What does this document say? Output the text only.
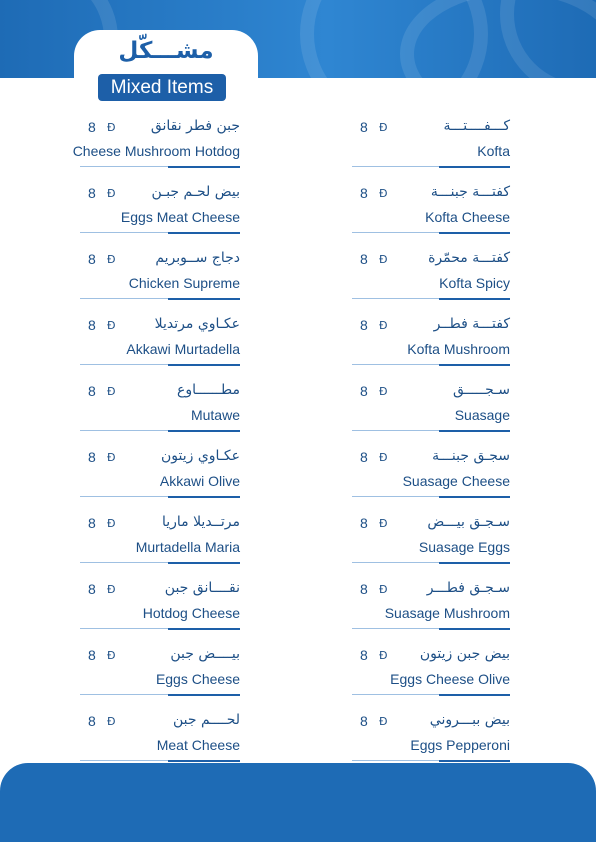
مشـــكّل
Mixed Items
8 Đ	جبن فطر نقانق
Cheese Mushroom Hotdog
8 Đ	بيض لحـم جبـن
Eggs Meat Cheese
8 Đ	دجاج ســوبريم
Chicken Supreme
8 Đ	عكـاوي مرتديلا
Akkawi Murtadella
8 Đ	مطــــــاوع
Mutawe
8 Đ	عكـاوي زيتون
Akkawi Olive
8 Đ	مرتــديلا ماريا
Murtadella Maria
8 Đ	نقــــانق جبن
Hotdog Cheese
8 Đ	بيــــض جبن
Eggs Cheese
8 Đ	لحــــم جبن
Meat Cheese
8 Đ	كـــفــــتـــة
Kofta
8 Đ	كفتـــة جبنـــة
Kofta Cheese
8 Đ	كفتـــة محمّرة
Kofta Spicy
8 Đ	كفتـــة فطــر
Kofta Mushroom
8 Đ	سـجـــــق
Suasage
8 Đ	سجـق جبنـــة
Suasage Cheese
8 Đ	سـجـق بيـــض
Suasage Eggs
8 Đ	سـجـق فطـــر
Suasage Mushroom
8 Đ بيض جبن زيتون
Eggs Cheese Olive
8 Đ	بيض ببـــروني
Eggs Pepperoni
